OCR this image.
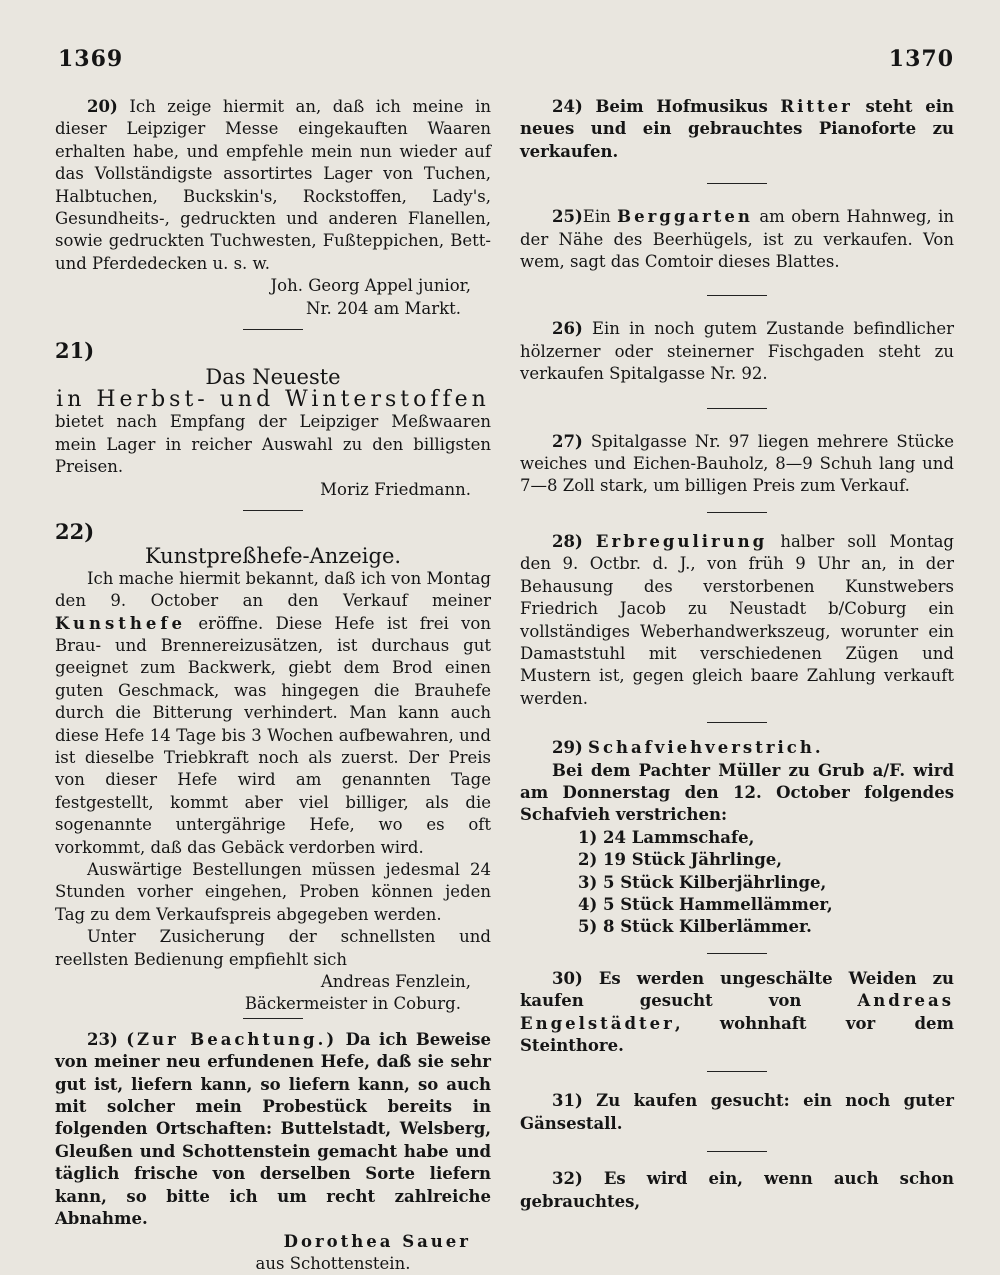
1369	1370

20) Ich zeige hiermit an, daß ich meine in dieser Leipziger Messe eingekauften Waaren erhalten habe, und empfehle mein nun wieder auf das Vollständigste assortirtes Lager von Tuchen, Halbtuchen, Buckskin's, Rockstoffen, Lady's, Gesundheits-, gedruckten und anderen Flanellen, sowie gedruckten Tuchwesten, Fußteppichen, Bett- und Pferdedecken u. s. w.

Joh. Georg Appel junior,

Nr. 204 am Markt.

21)
Das Neueste
in Herbst- und Winterstoffen

bietet nach Empfang der Leipziger Meßwaaren mein Lager in reicher Auswahl zu den billigsten Preisen.

Moriz Friedmann.

22)
Kunstpreßhefe-Anzeige.

Ich mache hiermit bekannt, daß ich von Montag den 9. October an den Verkauf meiner Kunsthefe eröffne. Diese Hefe ist frei von Brau- und Brennereizusätzen, ist durchaus gut geeignet zum Backwerk, giebt dem Brod einen guten Geschmack, was hingegen die Brauhefe durch die Bitterung verhindert. Man kann auch diese Hefe 14 Tage bis 3 Wochen aufbewahren, und ist dieselbe Triebkraft noch als zuerst. Der Preis von dieser Hefe wird am genannten Tage festgestellt, kommt aber viel billiger, als die sogenannte untergährige Hefe, wo es oft vorkommt, daß das Gebäck verdorben wird.

Auswärtige Bestellungen müssen jedesmal 24 Stunden vorher eingehen, Proben können jeden Tag zu dem Verkaufspreis abgegeben werden.

Unter Zusicherung der schnellsten und reellsten Bedienung empfiehlt sich

Andreas Fenzlein,

Bäckermeister in Coburg.

23) (Zur Beachtung.) Da ich Beweise von meiner neu erfundenen Hefe, daß sie sehr gut ist, liefern kann, so liefern kann, so auch mit solcher mein Probestück bereits in folgenden Ortschaften: Buttelstadt, Welsberg, Gleußen und Schottenstein gemacht habe und täglich frische von derselben Sorte liefern kann, so bitte ich um recht zahlreiche Abnahme.

Dorothea Sauer

aus Schottenstein.

24) Beim Hofmusikus Ritter steht ein neues und ein gebrauchtes Pianoforte zu verkaufen.

25)Ein Berggarten am obern Hahnweg, in der Nähe des Beerhügels, ist zu verkaufen. Von wem, sagt das Comtoir dieses Blattes.

26) Ein in noch gutem Zustande befindlicher hölzerner oder steinerner Fischgaden steht zu verkaufen Spitalgasse Nr. 92.

27) Spitalgasse Nr. 97 liegen mehrere Stücke weiches und Eichen-Bauholz, 8—9 Schuh lang und 7—8 Zoll stark, um billigen Preis zum Verkauf.

28) Erbregulirung halber soll Montag den 9. Octbr. d. J., von früh 9 Uhr an, in der Behausung des verstorbenen Kunstwebers Friedrich Jacob zu Neustadt b/Coburg ein vollständiges Weberhandwerkszeug, worunter ein Damaststuhl mit verschiedenen Zügen und Mustern ist, gegen gleich baare Zahlung verkauft werden.

29) Schafviehverstrich.

Bei dem Pachter Müller zu Grub a/F. wird am Donnerstag den 12. October folgendes Schafvieh verstrichen:

1) 24 Lammschafe,
2) 19 Stück Jährlinge,
3) 5 Stück Kilberjährlinge,
4) 5 Stück Hammellämmer,
5) 8 Stück Kilberlämmer.

30) Es werden ungeschälte Weiden zu kaufen gesucht von Andreas Engelstädter, wohnhaft vor dem Steinthore.

31) Zu kaufen gesucht: ein noch guter Gänsestall.

32) Es wird ein, wenn auch schon gebrauchtes,
